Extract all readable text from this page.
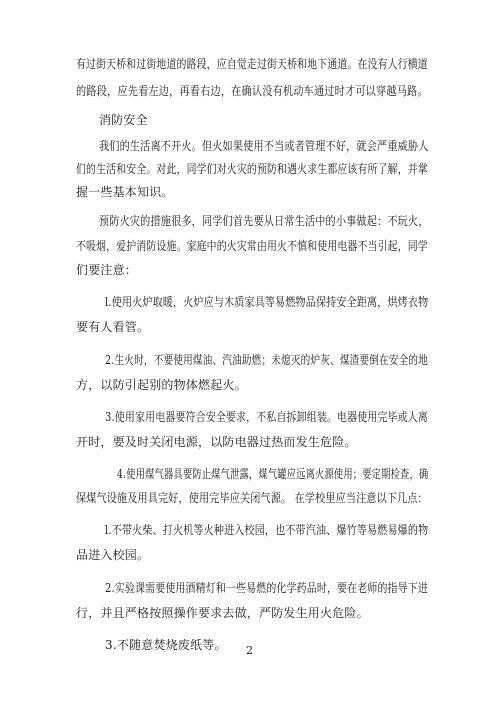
有过街天桥和过街地道的路段，应自觉走过街天桥和地下通道。在没有人行横道
的路段，应先看左边，再看右边，在确认没有机动车通过时才可以穿越马路。
消防安全
我们的生活离不开火。但火如果使用不当或者管理不好，就会严重威胁人
们的生活和安全。对此，同学们对火灾的预防和遇火求生都应该有所了解，并掌
握一些基本知识。
预防火灾的措施很多，同学们首先要从日常生活中的小事做起：不玩火，
不吸烟，爱护消防设施。家庭中的火灾常由用火不慎和使用电器不当引起，同学
们要注意：
l.使用火炉取暖，火炉应与木质家具等易燃物品保持安全距离，烘烤衣物
要有人看管。
2.生火时，不要使用煤油、汽油助燃；未熄灭的炉灰、煤渣要倒在安全的地
方，以防引起别的物体燃起火。
3.使用家用电器要符合安全要求，不私自拆卸组装。电器使用完毕或人离
开时，要及时关闭电源，以防电器过热而发生危险。
4.使用煤气器具要防止煤气泄露，煤气罐应远离火源使用；要定期检查，确
保煤气设施及用具完好，使用完毕应关闭气源。 在学校里应当注意以下几点：
l.不带火柴、打火机等火种进入校园，也不带汽油、爆竹等易燃易爆的物
品进入校园。
2.实验课需要使用酒精灯和一些易燃的化学药品时，要在老师的指导下进
行，并且严格按照操作要求去做，严防发生用火危险。
3.不随意焚烧废纸等。 2
